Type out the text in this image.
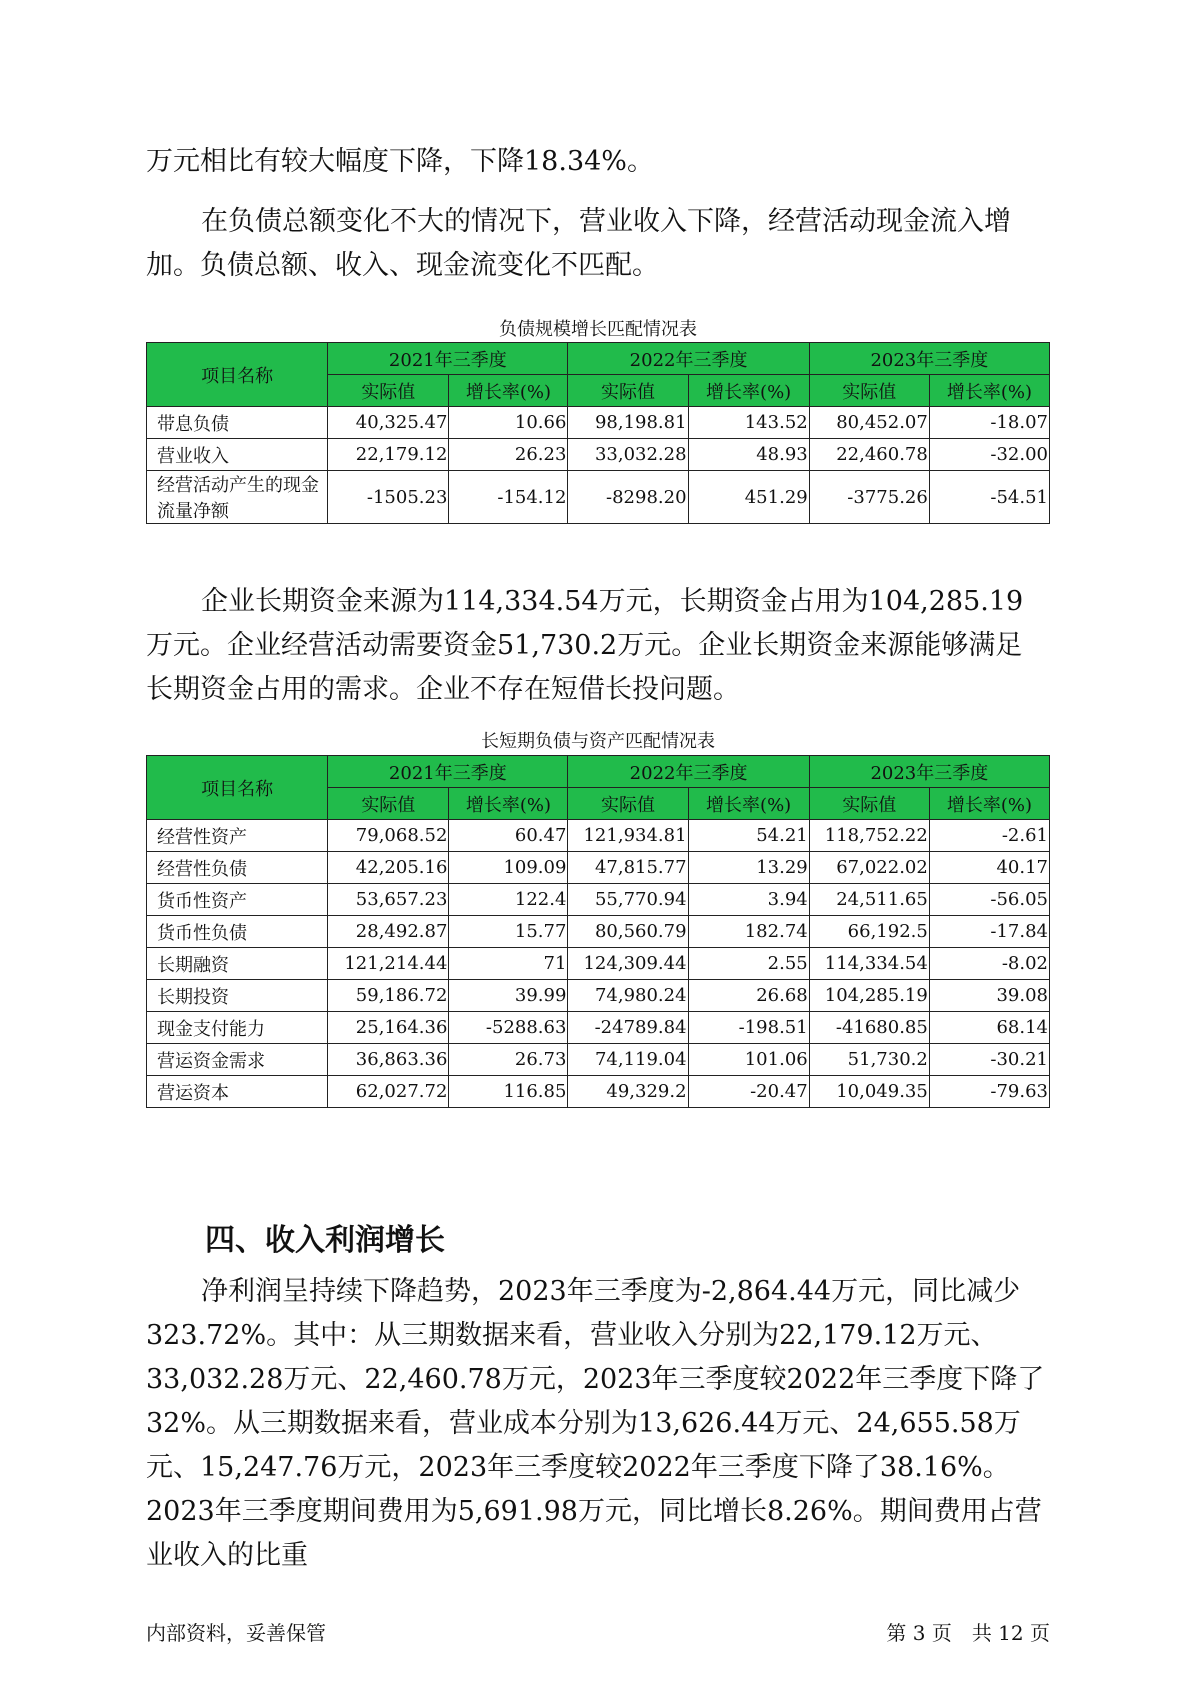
万元相比有较大幅度下降，下降18.34%。

在负债总额变化不大的情况下，营业收入下降，经营活动现金流入增加。负债总额、收入、现金流变化不匹配。

负债规模增长匹配情况表
项目名称	2021年三季度		2022年三季度		2023年三季度	
	实际值	增长率(%)	实际值	增长率(%)	实际值	增长率(%)
带息负债	40,325.47	10.66	98,198.81	143.52	80,452.07	-18.07
营业收入	22,179.12	26.23	33,032.28	48.93	22,460.78	-32.00
经营活动产生的现金流量净额	-1505.23	-154.12	-8298.20	451.29	-3775.26	-54.51

企业长期资金来源为114,334.54万元，长期资金占用为104,285.19万元。企业经营活动需要资金51,730.2万元。企业长期资金来源能够满足长期资金占用的需求。企业不存在短借长投问题。

长短期负债与资产匹配情况表
项目名称	2021年三季度		2022年三季度		2023年三季度	
	实际值	增长率(%)	实际值	增长率(%)	实际值	增长率(%)
经营性资产	79,068.52	60.47	121,934.81	54.21	118,752.22	-2.61
经营性负债	42,205.16	109.09	47,815.77	13.29	67,022.02	40.17
货币性资产	53,657.23	122.4	55,770.94	3.94	24,511.65	-56.05
货币性负债	28,492.87	15.77	80,560.79	182.74	66,192.5	-17.84
长期融资	121,214.44	71	124,309.44	2.55	114,334.54	-8.02
长期投资	59,186.72	39.99	74,980.24	26.68	104,285.19	39.08
现金支付能力	25,164.36	-5288.63	-24789.84	-198.51	-41680.85	68.14
营运资金需求	36,863.36	26.73	74,119.04	101.06	51,730.2	-30.21
营运资本	62,027.72	116.85	49,329.2	-20.47	10,049.35	-79.63
四、收入利润增长

净利润呈持续下降趋势，2023年三季度为-2,864.44万元，同比减少323.72%。其中：从三期数据来看，营业收入分别为22,179.12万元、33,032.28万元、22,460.78万元，2023年三季度较2022年三季度下降了32%。从三期数据来看，营业成本分别为13,626.44万元、24,655.58万元、15,247.76万元，2023年三季度较2022年三季度下降了38.16%。2023年三季度期间费用为5,691.98万元，同比增长8.26%。期间费用占营业收入的比重

内部资料，妥善保管	第 3 页　共 12 页
